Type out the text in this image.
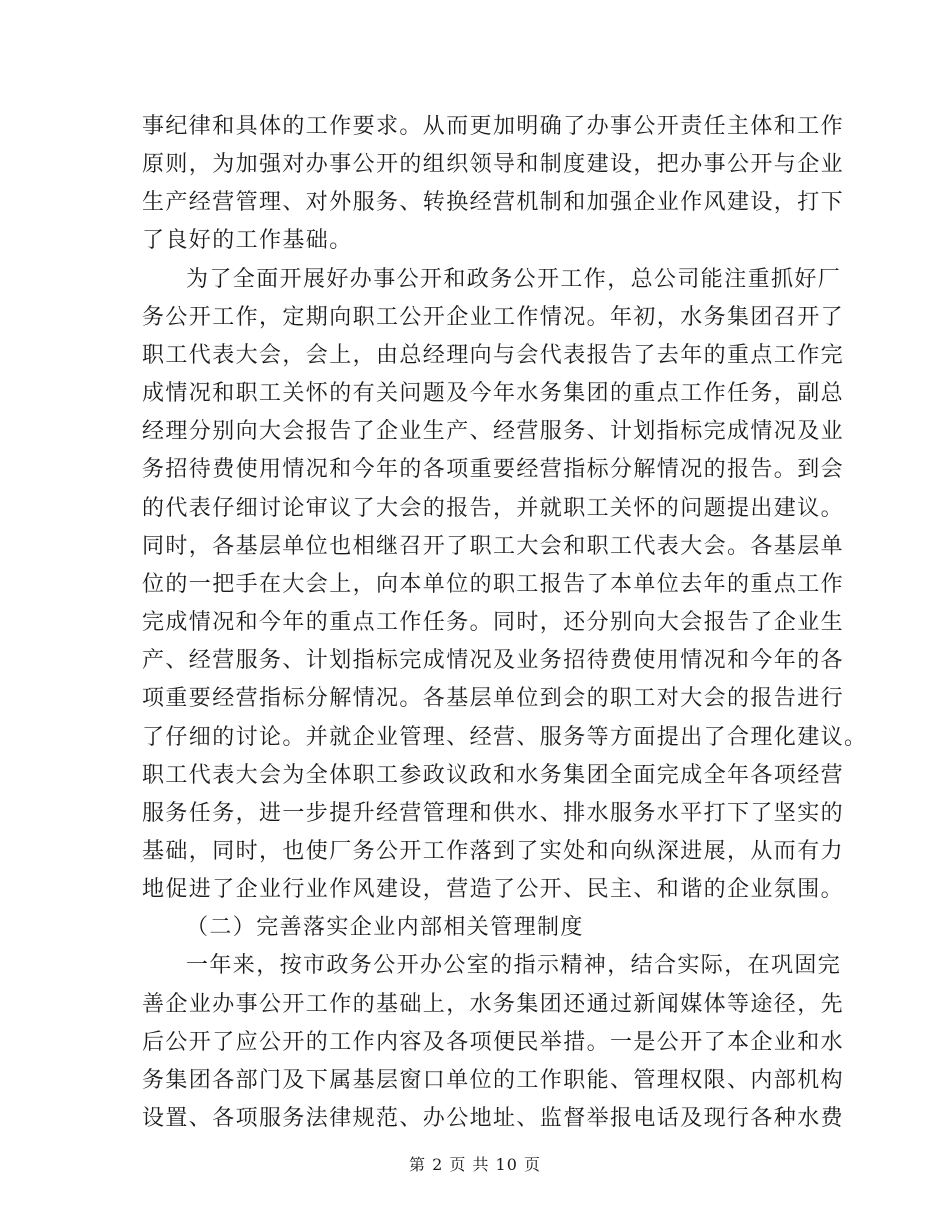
事纪律和具体的工作要求。从而更加明确了办事公开责任主体和工作
原则，为加强对办事公开的组织领导和制度建设，把办事公开与企业
生产经营管理、对外服务、转换经营机制和加强企业作风建设，打下
了良好的工作基础。
为了全面开展好办事公开和政务公开工作，总公司能注重抓好厂
务公开工作，定期向职工公开企业工作情况。年初，水务集团召开了
职工代表大会，会上，由总经理向与会代表报告了去年的重点工作完
成情况和职工关怀的有关问题及今年水务集团的重点工作任务，副总
经理分别向大会报告了企业生产、经营服务、计划指标完成情况及业
务招待费使用情况和今年的各项重要经营指标分解情况的报告。到会
的代表仔细讨论审议了大会的报告，并就职工关怀的问题提出建议。
同时，各基层单位也相继召开了职工大会和职工代表大会。各基层单
位的一把手在大会上，向本单位的职工报告了本单位去年的重点工作
完成情况和今年的重点工作任务。同时，还分别向大会报告了企业生
产、经营服务、计划指标完成情况及业务招待费使用情况和今年的各
项重要经营指标分解情况。各基层单位到会的职工对大会的报告进行
了仔细的讨论。并就企业管理、经营、服务等方面提出了合理化建议。
职工代表大会为全体职工参政议政和水务集团全面完成全年各项经营
服务任务，进一步提升经营管理和供水、排水服务水平打下了坚实的
基础，同时，也使厂务公开工作落到了实处和向纵深进展，从而有力
地促进了企业行业作风建设，营造了公开、民主、和谐的企业氛围。
（二）完善落实企业内部相关管理制度
一年来，按市政务公开办公室的指示精神，结合实际，在巩固完
善企业办事公开工作的基础上，水务集团还通过新闻媒体等途径，先
后公开了应公开的工作内容及各项便民举措。一是公开了本企业和水
务集团各部门及下属基层窗口单位的工作职能、管理权限、内部机构
设置、各项服务法律规范、办公地址、监督举报电话及现行各种水费
第 2 页 共 10 页
